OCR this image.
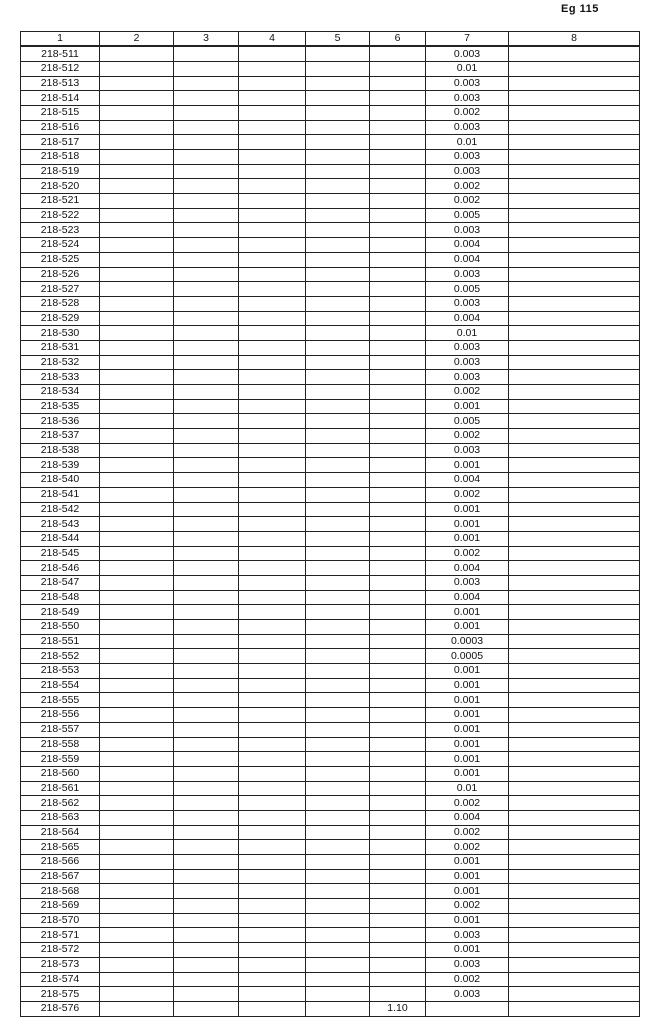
Eg 115
1	2	3	4	5	6	7	8
218-511						0.003	
218-512						0.01	
218-513						0.003	
218-514						0.003	
218-515						0.002	
218-516						0.003	
218-517						0.01	
218-518						0.003	
218-519						0.003	
218-520						0.002	
218-521						0.002	
218-522						0.005	
218-523						0.003	
218-524						0.004	
218-525						0.004	
218-526						0.003	
218-527						0.005	
218-528						0.003	
218-529						0.004	
218-530						0.01	
218-531						0.003	
218-532						0.003	
218-533						0.003	
218-534						0.002	
218-535						0.001	
218-536						0.005	
218-537						0.002	
218-538						0.003	
218-539						0.001	
218-540						0.004	
218-541						0.002	
218-542						0.001	
218-543						0.001	
218-544						0.001	
218-545						0.002	
218-546						0.004	
218-547						0.003	
218-548						0.004	
218-549						0.001	
218-550						0.001	
218-551						0.0003	
218-552						0.0005	
218-553						0.001	
218-554						0.001	
218-555						0.001	
218-556						0.001	
218-557						0.001	
218-558						0.001	
218-559						0.001	
218-560						0.001	
218-561						0.01	
218-562						0.002	
218-563						0.004	
218-564						0.002	
218-565						0.002	
218-566						0.001	
218-567						0.001	
218-568						0.001	
218-569						0.002	
218-570						0.001	
218-571						0.003	
218-572						0.001	
218-573						0.003	
218-574						0.002	
218-575						0.003	
218-576					1.10		
